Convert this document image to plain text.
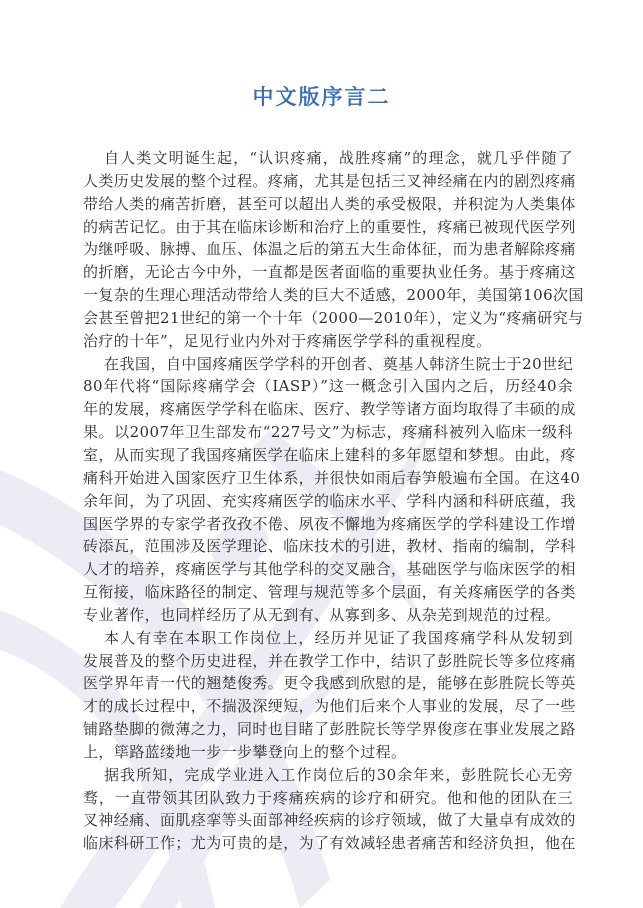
中文版序言二
自人类文明诞生起，“认识疼痛，战胜疼痛”的理念，就几乎伴随了
人类历史发展的整个过程。疼痛，尤其是包括三叉神经痛在内的剧烈疼痛
带给人类的痛苦折磨，甚至可以超出人类的承受极限，并积淀为人类集体
的病苦记忆。由于其在临床诊断和治疗上的重要性，疼痛已被现代医学列
为继呼吸、脉搏、血压、体温之后的第五大生命体征，而为患者解除疼痛
的折磨，无论古今中外，一直都是医者面临的重要执业任务。基于疼痛这
一复杂的生理心理活动带给人类的巨大不适感，2000年，美国第106次国
会甚至曾把21世纪的第一个十年（2000—2010年），定义为“疼痛研究与
治疗的十年”，足见行业内外对于疼痛医学学科的重视程度。
在我国，自中国疼痛医学学科的开创者、奠基人韩济生院士于20世纪
80年代将“国际疼痛学会（IASP）”这一概念引入国内之后，历经40余
年的发展，疼痛医学学科在临床、医疗、教学等诸方面均取得了丰硕的成
果。以2007年卫生部发布“227号文”为标志，疼痛科被列入临床一级科
室，从而实现了我国疼痛医学在临床上建科的多年愿望和梦想。由此，疼
痛科开始进入国家医疗卫生体系，并很快如雨后春笋般遍布全国。在这40
余年间，为了巩固、充实疼痛医学的临床水平、学科内涵和科研底蕴，我
国医学界的专家学者孜孜不倦、夙夜不懈地为疼痛医学的学科建设工作增
砖添瓦，范围涉及医学理论、临床技术的引进，教材、指南的编制，学科
人才的培养，疼痛医学与其他学科的交叉融合，基础医学与临床医学的相
互衔接，临床路径的制定、管理与规范等多个层面，有关疼痛医学的各类
专业著作，也同样经历了从无到有、从寡到多、从杂芜到规范的过程。
本人有幸在本职工作岗位上，经历并见证了我国疼痛学科从发轫到
发展普及的整个历史进程，并在教学工作中，结识了彭胜院长等多位疼痛
医学界年青一代的翘楚俊秀。更令我感到欣慰的是，能够在彭胜院长等英
才的成长过程中，不揣汲深绠短，为他们后来个人事业的发展，尽了一些
铺路垫脚的微薄之力，同时也目睹了彭胜院长等学界俊彦在事业发展之路
上，筚路蓝缕地一步一步攀登向上的整个过程。
据我所知，完成学业进入工作岗位后的30余年来，彭胜院长心无旁
骛，一直带领其团队致力于疼痛疾病的诊疗和研究。他和他的团队在三
叉神经痛、面肌痉挛等头面部神经疾病的诊疗领域，做了大量卓有成效的
临床科研工作；尤为可贵的是，为了有效减轻患者痛苦和经济负担，他在
